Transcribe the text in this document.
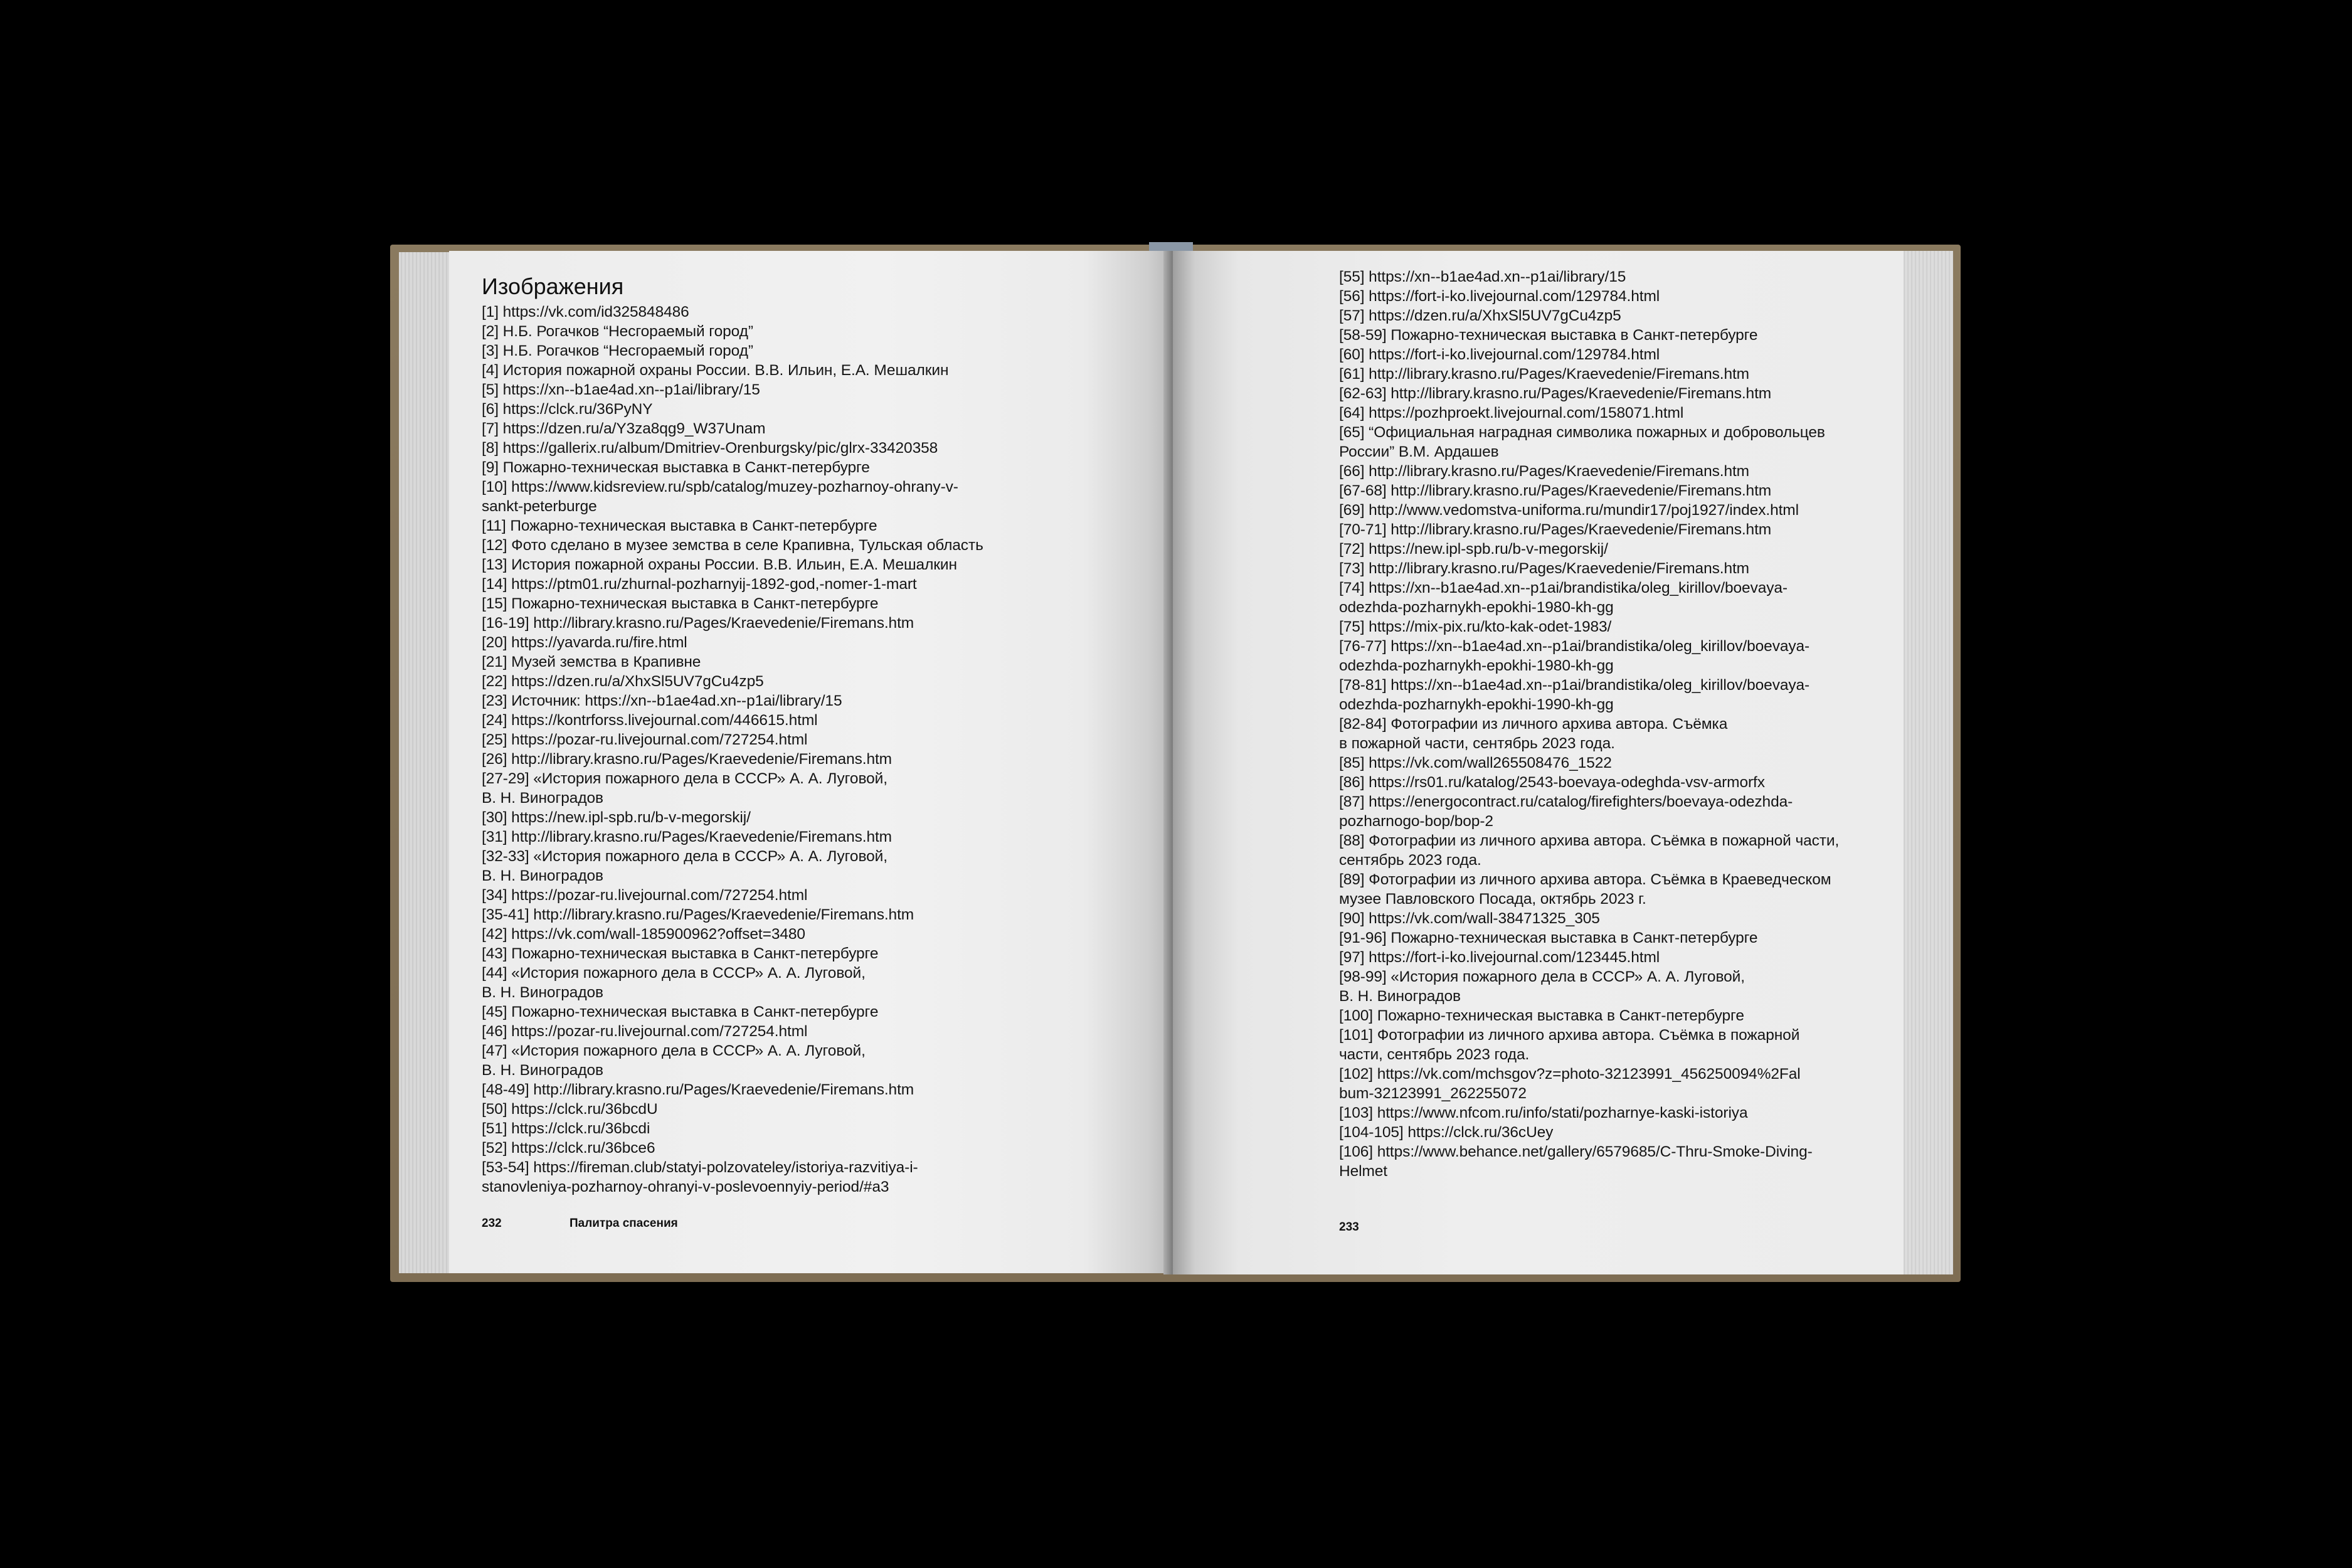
Изображения
[1] https://vk.com/id325848486
[2] Н.Б. Рогачков “Несгораемый город”
[3] Н.Б. Рогачков “Несгораемый город”
[4] История пожарной охраны России. В.В. Ильин, Е.А. Мешалкин
[5] https://xn--b1ae4ad.xn--p1ai/library/15
[6] https://clck.ru/36PyNY
[7] https://dzen.ru/a/Y3za8qg9_W37Unam
[8] https://gallerix.ru/album/Dmitriev-Orenburgsky/pic/glrx-33420358
[9] Пожарно-техническая выставка в Санкт-петербурге
[10] https://www.kidsreview.ru/spb/catalog/muzey-pozharnoy-ohrany-v-
sankt-peterburge
[11] Пожарно-техническая выставка в Санкт-петербурге
[12] Фото сделано в музее земства в селе Крапивна, Тульская область
[13] История пожарной охраны России. В.В. Ильин, Е.А. Мешалкин
[14] https://ptm01.ru/zhurnal-pozharnyij-1892-god,-nomer-1-mart
[15] Пожарно-техническая выставка в Санкт-петербурге
[16-19] http://library.krasno.ru/Pages/Kraevedenie/Firemans.htm
[20] https://yavarda.ru/fire.html
[21] Музей земства в Крапивне
[22] https://dzen.ru/a/XhxSl5UV7gCu4zp5
[23] Источник: https://xn--b1ae4ad.xn--p1ai/library/15
[24] https://kontrforss.livejournal.com/446615.html
[25] https://pozar-ru.livejournal.com/727254.html
[26] http://library.krasno.ru/Pages/Kraevedenie/Firemans.htm
[27-29] «История пожарного дела в СССР» А. А. Луговой,
В. Н. Виноградов
[30] https://new.ipl-spb.ru/b-v-megorskij/
[31] http://library.krasno.ru/Pages/Kraevedenie/Firemans.htm
[32-33] «История пожарного дела в СССР» А. А. Луговой,
В. Н. Виноградов
[34] https://pozar-ru.livejournal.com/727254.html
[35-41] http://library.krasno.ru/Pages/Kraevedenie/Firemans.htm
[42] https://vk.com/wall-185900962?offset=3480
[43] Пожарно-техническая выставка в Санкт-петербурге
[44] «История пожарного дела в СССР» А. А. Луговой,
В. Н. Виноградов
[45] Пожарно-техническая выставка в Санкт-петербурге
[46] https://pozar-ru.livejournal.com/727254.html
[47] «История пожарного дела в СССР» А. А. Луговой,
В. Н. Виноградов
[48-49] http://library.krasno.ru/Pages/Kraevedenie/Firemans.htm
[50] https://clck.ru/36bcdU
[51] https://clck.ru/36bcdi
[52] https://clck.ru/36bce6
[53-54] https://fireman.club/statyi-polzovateley/istoriya-razvitiya-i-
stanovleniya-pozharnoy-ohranyi-v-poslevoennyiy-period/#a3
232	Палитра спасения
[55] https://xn--b1ae4ad.xn--p1ai/library/15
[56] https://fort-i-ko.livejournal.com/129784.html
[57] https://dzen.ru/a/XhxSl5UV7gCu4zp5
[58-59] Пожарно-техническая выставка в Санкт-петербурге
[60] https://fort-i-ko.livejournal.com/129784.html
[61] http://library.krasno.ru/Pages/Kraevedenie/Firemans.htm
[62-63] http://library.krasno.ru/Pages/Kraevedenie/Firemans.htm
[64] https://pozhproekt.livejournal.com/158071.html
[65] “Официальная наградная символика пожарных и добровольцев
России” В.М. Ардашев
[66] http://library.krasno.ru/Pages/Kraevedenie/Firemans.htm
[67-68] http://library.krasno.ru/Pages/Kraevedenie/Firemans.htm
[69] http://www.vedomstva-uniforma.ru/mundir17/poj1927/index.html
[70-71] http://library.krasno.ru/Pages/Kraevedenie/Firemans.htm
[72] https://new.ipl-spb.ru/b-v-megorskij/
[73] http://library.krasno.ru/Pages/Kraevedenie/Firemans.htm
[74] https://xn--b1ae4ad.xn--p1ai/brandistika/oleg_kirillov/boevaya-
odezhda-pozharnykh-epokhi-1980-kh-gg
[75] https://mix-pix.ru/kto-kak-odet-1983/
[76-77] https://xn--b1ae4ad.xn--p1ai/brandistika/oleg_kirillov/boevaya-
odezhda-pozharnykh-epokhi-1980-kh-gg
[78-81] https://xn--b1ae4ad.xn--p1ai/brandistika/oleg_kirillov/boevaya-
odezhda-pozharnykh-epokhi-1990-kh-gg
[82-84] Фотографии из личного архива автора. Съёмка
в пожарной части, сентябрь 2023 года.
[85] https://vk.com/wall265508476_1522
[86] https://rs01.ru/katalog/2543-boevaya-odeghda-vsv-armorfx
[87] https://energocontract.ru/catalog/firefighters/boevaya-odezhda-
pozharnogo-bop/bop-2
[88] Фотографии из личного архива автора. Съёмка в пожарной части,
сентябрь 2023 года.
[89] Фотографии из личного архива автора. Съёмка в Краеведческом
музее Павловского Посада, октябрь 2023 г.
[90] https://vk.com/wall-38471325_305
[91-96] Пожарно-техническая выставка в Санкт-петербурге
[97] https://fort-i-ko.livejournal.com/123445.html
[98-99] «История пожарного дела в СССР» А. А. Луговой,
В. Н. Виноградов
[100] Пожарно-техническая выставка в Санкт-петербурге
[101] Фотографии из личного архива автора. Съёмка в пожарной
части, сентябрь 2023 года.
[102] https://vk.com/mchsgov?z=photo-32123991_456250094%2Fal
bum-32123991_262255072
[103] https://www.nfcom.ru/info/stati/pozharnye-kaski-istoriya
[104-105] https://clck.ru/36cUey
[106] https://www.behance.net/gallery/6579685/C-Thru-Smoke-Diving-
Helmet
233
